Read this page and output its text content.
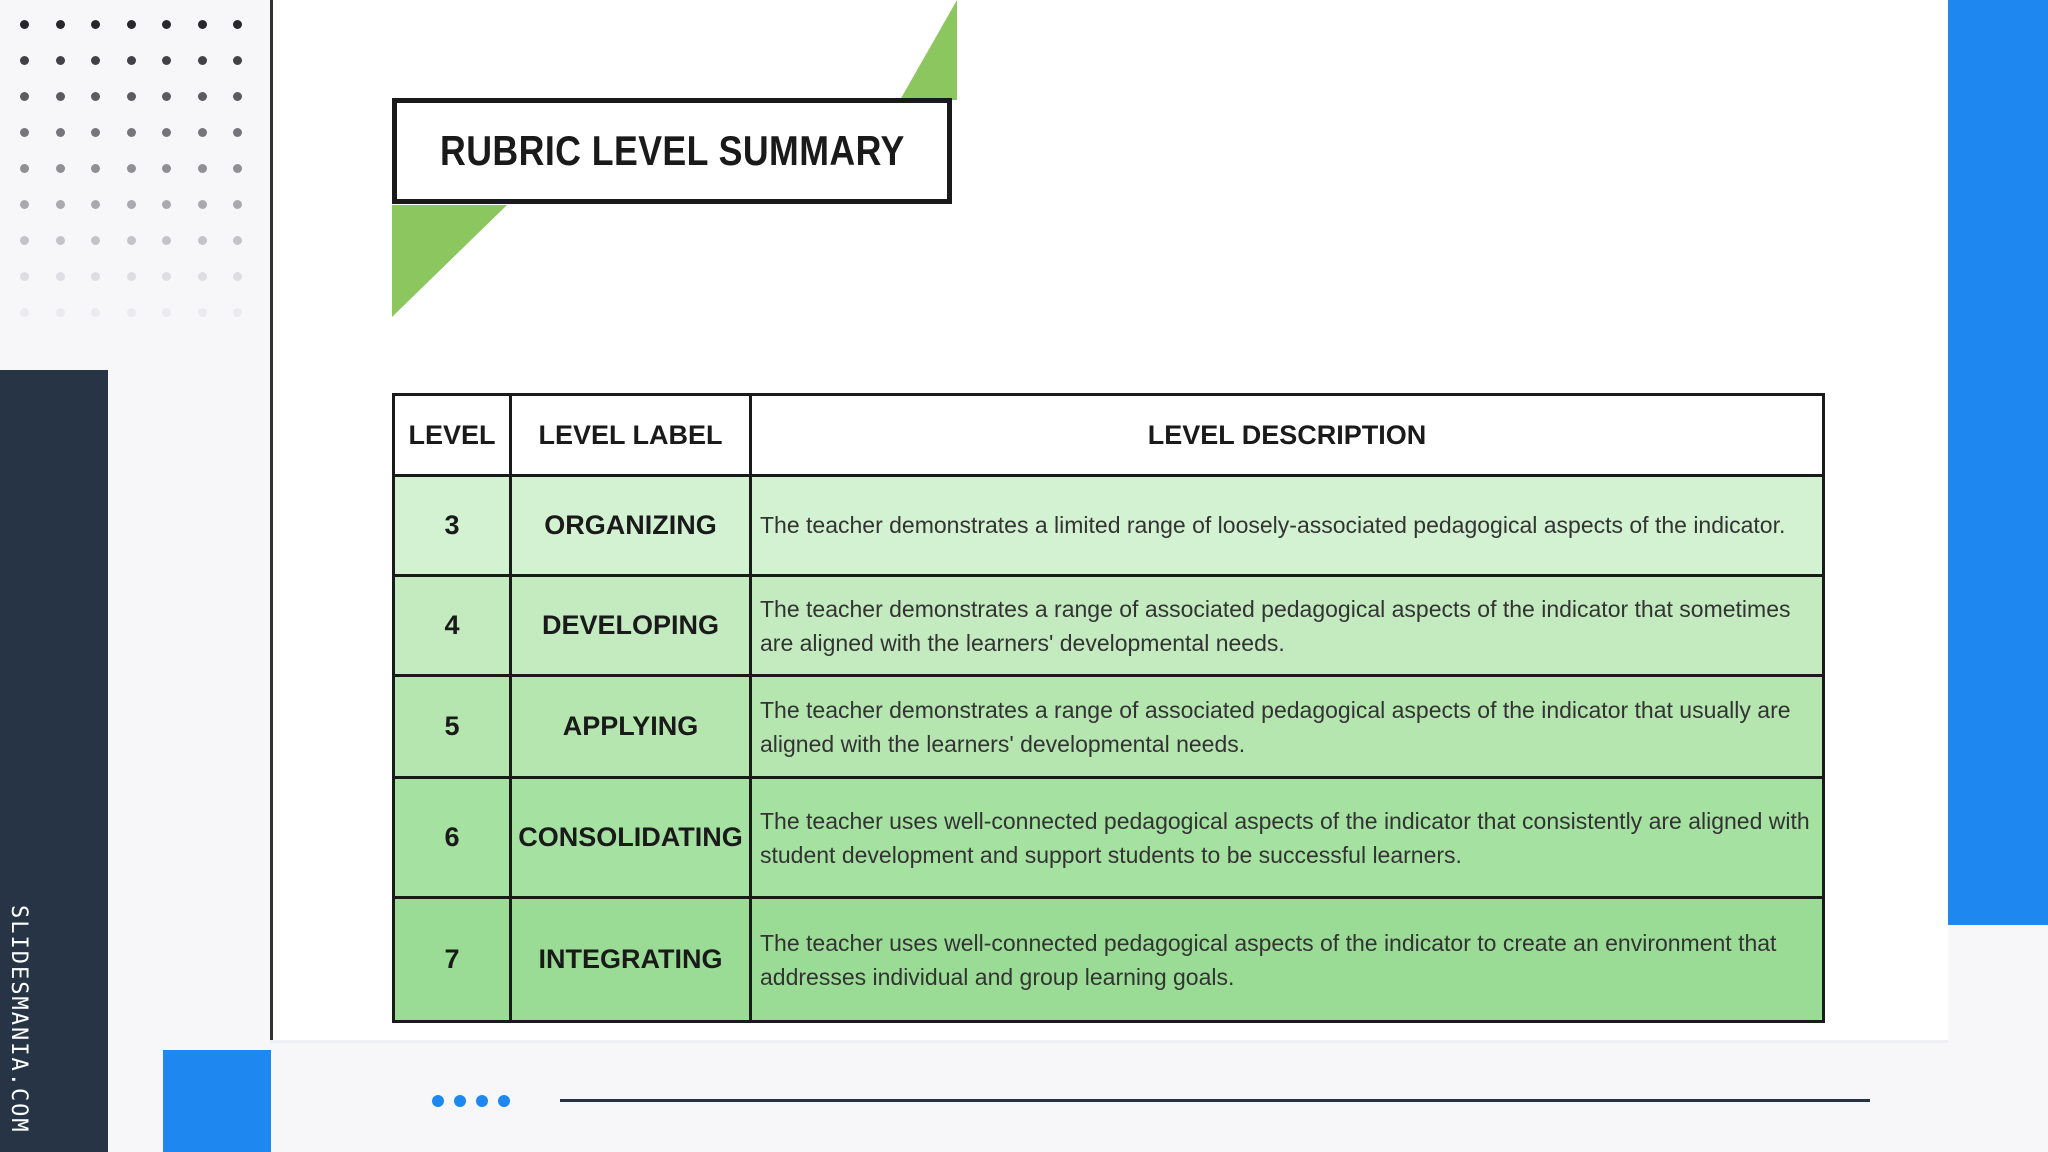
SLIDESMANIA.COM
RUBRIC LEVEL SUMMARY
LEVEL	LEVEL LABEL	LEVEL DESCRIPTION
3	ORGANIZING	The teacher demonstrates a limited range of loosely-associated pedagogical aspects of the indicator.
4	DEVELOPING	The teacher demonstrates a range of associated pedagogical aspects of the indicator that sometimes are aligned with the learners' developmental needs.
5	APPLYING	The teacher demonstrates a range of associated pedagogical aspects of the indicator that usually are aligned with the learners' developmental needs.
6	CONSOLIDATING	The teacher uses well-connected pedagogical aspects of the indicator that consistently are aligned with student development and support students to be successful learners.
7	INTEGRATING	The teacher uses well-connected pedagogical aspects of the indicator to create an environment that addresses individual and group learning goals.
